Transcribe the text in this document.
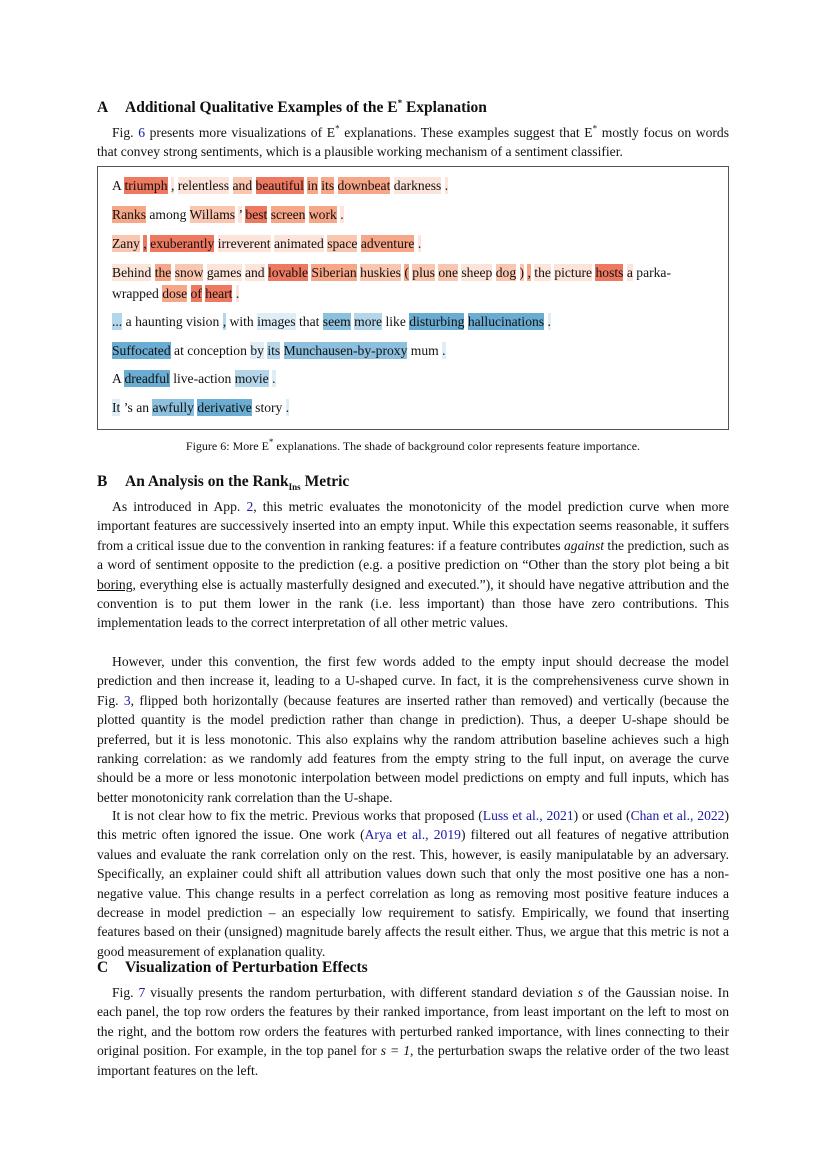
A Additional Qualitative Examples of the E* Explanation

Fig. 6 presents more visualizations of E* explanations. These examples suggest that E* mostly focus on words that convey strong sentiments, which is a plausible working mechanism of a sentiment classifier.

A triumph , relentless and beautiful in its downbeat darkness .
Ranks among Willams ’ best screen work .
Zany , exuberantly irreverent animated space adventure .
Behind the snow games and lovable Siberian huskies ( plus one sheep dog ) , the picture hosts a parka-wrapped dose of heart .
... a haunting vision , with images that seem more like disturbing hallucinations .
Suffocated at conception by its Munchausen-by-proxy mum .
A dreadful live-action movie .
It ’s an awfully derivative story .
Figure 6: More E* explanations. The shade of background color represents feature importance.
B An Analysis on the Rank$_{Ins}$ Metric

As introduced in App. 2, this metric evaluates the monotonicity of the model prediction curve when more important features are successively inserted into an empty input. While this expectation seems reasonable, it suffers from a critical issue due to the convention in ranking features: if a feature contributes against the prediction, such as a word of sentiment opposite to the prediction (e.g. a positive prediction on “Other than the story plot being a bit boring, everything else is actually masterfully designed and executed.”), it should have negative attribution and the convention is to put them lower in the rank (i.e. less important) than those have zero contributions. This implementation leads to the correct interpretation of all other metric values.

However, under this convention, the first few words added to the empty input should decrease the model prediction and then increase it, leading to a U-shaped curve. In fact, it is the comprehensiveness curve shown in Fig. 3, flipped both horizontally (because features are inserted rather than removed) and vertically (because the plotted quantity is the model prediction rather than change in prediction). Thus, a deeper U-shape should be preferred, but it is less monotonic. This also explains why the random attribution baseline achieves such a high ranking correlation: as we randomly add features from the empty string to the full input, on average the curve should be a more or less monotonic interpolation between model predictions on empty and full inputs, which has better monotonicity rank correlation than the U-shape.

It is not clear how to fix the metric. Previous works that proposed (Luss et al., 2021) or used (Chan et al., 2022) this metric often ignored the issue. One work (Arya et al., 2019) filtered out all features of negative attribution values and evaluate the rank correlation only on the rest. This, however, is easily manipulatable by an adversary. Specifically, an explainer could shift all attribution values down such that only the most positive one has a non-negative value. This change results in a perfect correlation as long as removing most positive feature induces a decrease in model prediction – an especially low requirement to satisfy. Empirically, we found that inserting features based on their (unsigned) magnitude barely affects the result either. Thus, we argue that this metric is not a good measurement of explanation quality.

C Visualization of Perturbation Effects

Fig. 7 visually presents the random perturbation, with different standard deviation s of the Gaussian noise. In each panel, the top row orders the features by their ranked importance, from least important on the left to most on the right, and the bottom row orders the features with perturbed ranked importance, with lines connecting to their original position. For example, in the top panel for s = 1, the perturbation swaps the relative order of the two least important features on the left.
